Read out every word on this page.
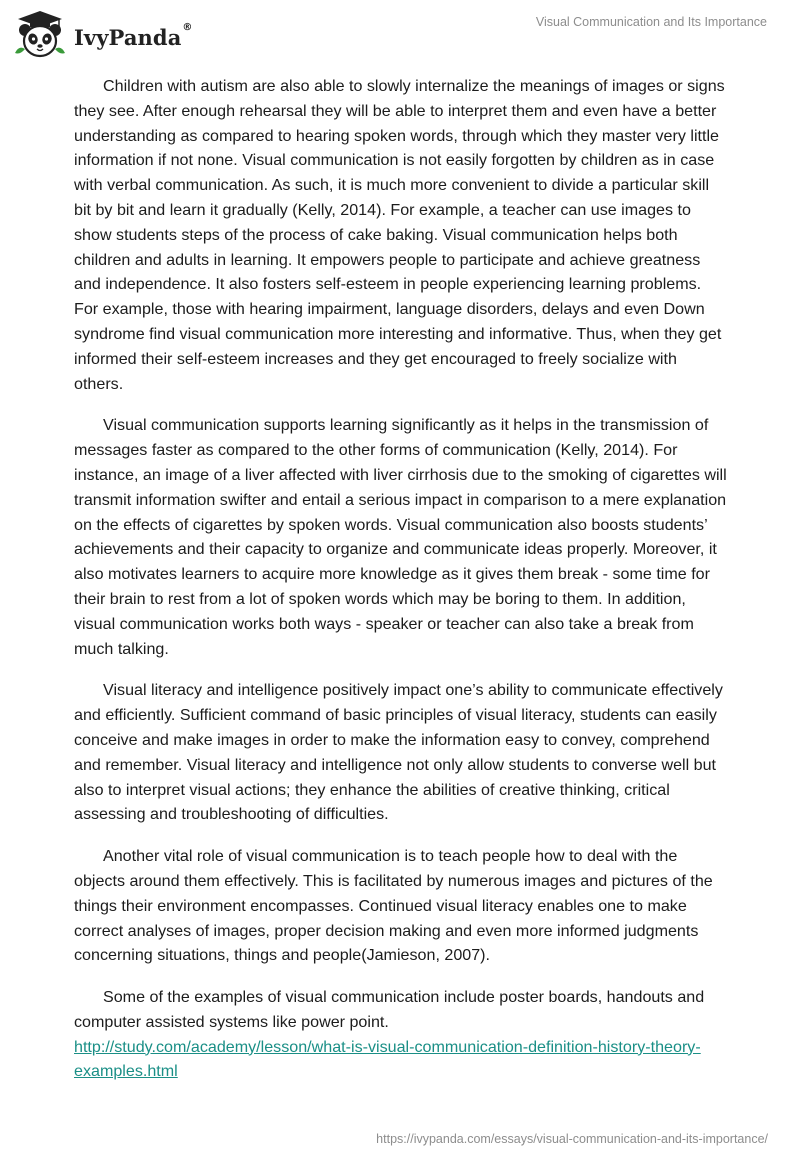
IvyPanda®	Visual Communication and Its Importance

Children with autism are also able to slowly internalize the meanings of images or signs they see. After enough rehearsal they will be able to interpret them and even have a better understanding as compared to hearing spoken words, through which they master very little information if not none. Visual communication is not easily forgotten by children as in case with verbal communication. As such, it is much more convenient to divide a particular skill bit by bit and learn it gradually (Kelly, 2014). For example, a teacher can use images to show students steps of the process of cake baking. Visual communication helps both children and adults in learning. It empowers people to participate and achieve greatness and independence. It also fosters self-esteem in people experiencing learning problems. For example, those with hearing impairment, language disorders, delays and even Down syndrome find visual communication more interesting and informative. Thus, when they get informed their self-esteem increases and they get encouraged to freely socialize with others.

Visual communication supports learning significantly as it helps in the transmission of messages faster as compared to the other forms of communication (Kelly, 2014). For instance, an image of a liver affected with liver cirrhosis due to the smoking of cigarettes will transmit information swifter and entail a serious impact in comparison to a mere explanation on the effects of cigarettes by spoken words. Visual communication also boosts students’ achievements and their capacity to organize and communicate ideas properly. Moreover, it also motivates learners to acquire more knowledge as it gives them break - some time for their brain to rest from a lot of spoken words which may be boring to them. In addition, visual communication works both ways - speaker or teacher can also take a break from much talking.

Visual literacy and intelligence positively impact one’s ability to communicate effectively and efficiently. Sufficient command of basic principles of visual literacy, students can easily conceive and make images in order to make the information easy to convey, comprehend and remember. Visual literacy and intelligence not only allow students to converse well but also to interpret visual actions; they enhance the abilities of creative thinking, critical assessing and troubleshooting of difficulties.

Another vital role of visual communication is to teach people how to deal with the objects around them effectively. This is facilitated by numerous images and pictures of the things their environment encompasses. Continued visual literacy enables one to make correct analyses of images, proper decision making and even more informed judgments concerning situations, things and people(Jamieson, 2007).

Some of the examples of visual communication include poster boards, handouts and computer assisted systems like power point.
http://study.com/academy/lesson/what-is-visual-communication-definition-history-theory-examples.html

https://ivypanda.com/essays/visual-communication-and-its-importance/
